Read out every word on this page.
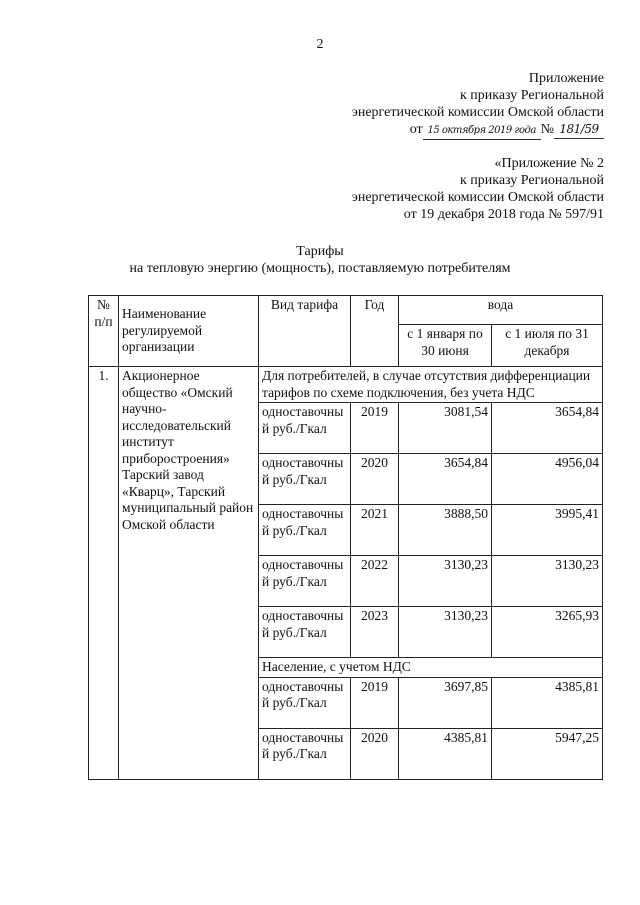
2
Приложение
к приказу Региональной
энергетической комиссии Омской области
от 15 октября 2019 года № 181/59
«Приложение № 2
к приказу Региональной
энергетической комиссии Омской области
от 19 декабря 2018 года № 597/91
Тарифы
на тепловую энергию (мощность), поставляемую потребителям
№ п/п	Наименование регулируемой организации	Вид тарифа	Год	вода	
				с 1 января по 30 июня	с 1 июля по 31 декабря
1.	Акционерное общество «Омский научно-исследовательский институт приборостроения» Тарский завод «Кварц», Тарский муниципальный район Омской области	Для потребителей, в случае отсутствия дифференциации тарифов по схеме подключения, без учета НДС			
		одноставочный руб./Гкал	2019	3081,54	3654,84
		одноставочный руб./Гкал	2020	3654,84	4956,04
		одноставочный руб./Гкал	2021	3888,50	3995,41
		одноставочный руб./Гкал	2022	3130,23	3130,23
		одноставочный руб./Гкал	2023	3130,23	3265,93
		Население, с учетом НДС			
		одноставочный руб./Гкал	2019	3697,85	4385,81
		одноставочный руб./Гкал	2020	4385,81	5947,25
